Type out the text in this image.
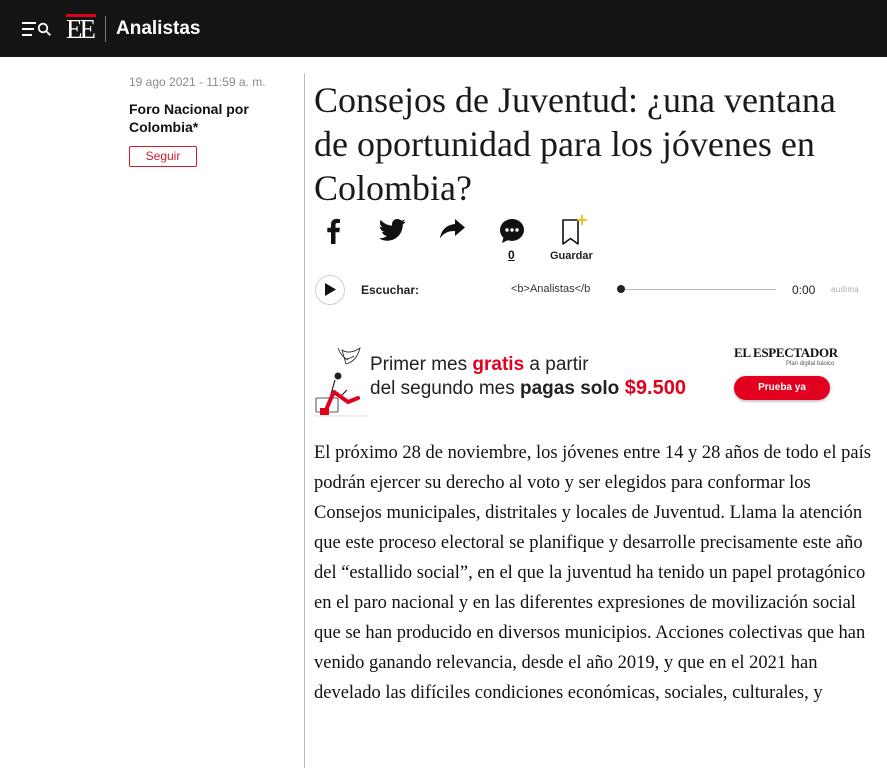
EE Analistas
19 ago 2021 - 11:59 a. m.
Foro Nacional por Colombia*
Seguir
Consejos de Juventud: ¿una ventana de oportunidad para los jóvenes en Colombia?
0	Guardar
Escuchar:	<b>Analistas</b	0:00 audima
Primer mes gratis a partir
del segundo mes pagas solo $9.500
EL ESPECTADOR
Plan digital básico
Prueba ya

El próximo 28 de noviembre, los jóvenes entre 14 y 28 años de todo el país podrán ejercer su derecho al voto y ser elegidos para conformar los Consejos municipales, distritales y locales de Juventud. Llama la atención que este proceso electoral se planifique y desarrolle precisamente este año del “estallido social”, en el que la juventud ha tenido un papel protagónico en el paro nacional y en las diferentes expresiones de movilización social que se han producido en diversos municipios. Acciones colectivas que han venido ganando relevancia, desde el año 2019, y que en el 2021 han develado las difíciles condiciones económicas, sociales, culturales, y
